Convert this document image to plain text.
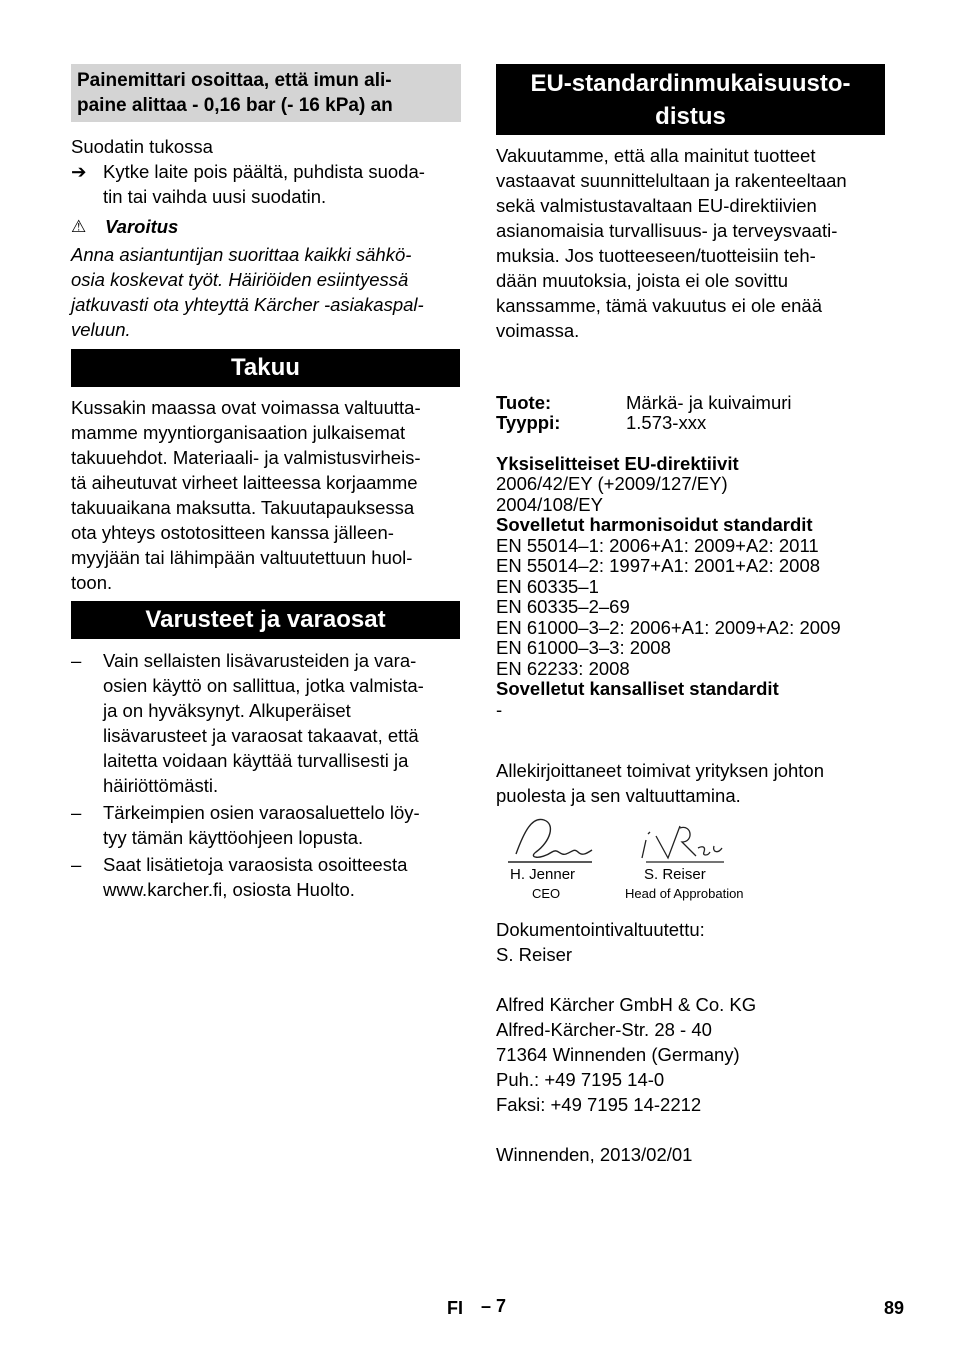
Painemittari osoittaa, että imun ali-
paine alittaa - 0,16 bar (- 16 kPa) an
Suodatin tukossa
➔ Kytke laite pois päältä, puhdista suoda-
tin tai vaihda uusi suodatin.
⚠ Varoitus
Anna asiantuntijan suorittaa kaikki sähkö-
osia koskevat työt. Häiriöiden esiintyessä
jatkuvasti ota yhteyttä Kärcher -asiakaspal-
veluun.
Takuu
Kussakin maassa ovat voimassa valtuutta-
mamme myyntiorganisaation julkaisemat
takuuehdot. Materiaali- ja valmistusvirheis-
tä aiheutuvat virheet laitteessa korjaamme
takuuaikana maksutta. Takuutapauksessa
ota yhteys ostotositteen kanssa jälleen-
myyjään tai lähimpään valtuutettuun huol-
toon.
Varusteet ja varaosat
– Vain sellaisten lisävarusteiden ja vara-
osien käyttö on sallittua, jotka valmista-
ja on hyväksynyt. Alkuperäiset
lisävarusteet ja varaosat takaavat, että
laitetta voidaan käyttää turvallisesti ja
häiriöttömästi.
– Tärkeimpien osien varaosaluettelo löy-
tyy tämän käyttöohjeen lopusta.
– Saat lisätietoja varaosista osoitteesta
www.karcher.fi, osiosta Huolto.
EU-standardinmukaisuusto-
distus
Vakuutamme, että alla mainitut tuotteet
vastaavat suunnittelultaan ja rakenteeltaan
sekä valmistustavaltaan EU-direktiivien
asianomaisia turvallisuus- ja terveysvaati-
muksia. Jos tuotteeseen/tuotteisiin teh-
dään muutoksia, joista ei ole sovittu
kanssamme, tämä vakuutus ei ole enää
voimassa.
Tuote:	Märkä- ja kuivaimuri
Tyyppi:	1.573-xxx
Yksiselitteiset EU-direktiivit
2006/42/EY (+2009/127/EY)
2004/108/EY
Sovelletut harmonisoidut standardit
EN 55014–1: 2006+A1: 2009+A2: 2011
EN 55014–2: 1997+A1: 2001+A2: 2008
EN 60335–1
EN 60335–2–69
EN 61000–3–2: 2006+A1: 2009+A2: 2009
EN 61000–3–3: 2008
EN 62233: 2008
Sovelletut kansalliset standardit
-
Allekirjoittaneet toimivat yrityksen johton
puolesta ja sen valtuuttamina.
H. Jenner
CEO
S. Reiser
Head of Approbation
Dokumentointivaltuutettu:
S. Reiser
Alfred Kärcher GmbH & Co. KG
Alfred-Kärcher-Str. 28 - 40
71364 Winnenden (Germany)
Puh.: +49 7195 14-0
Faksi: +49 7195 14-2212
Winnenden, 2013/02/01
FI – 7	89
